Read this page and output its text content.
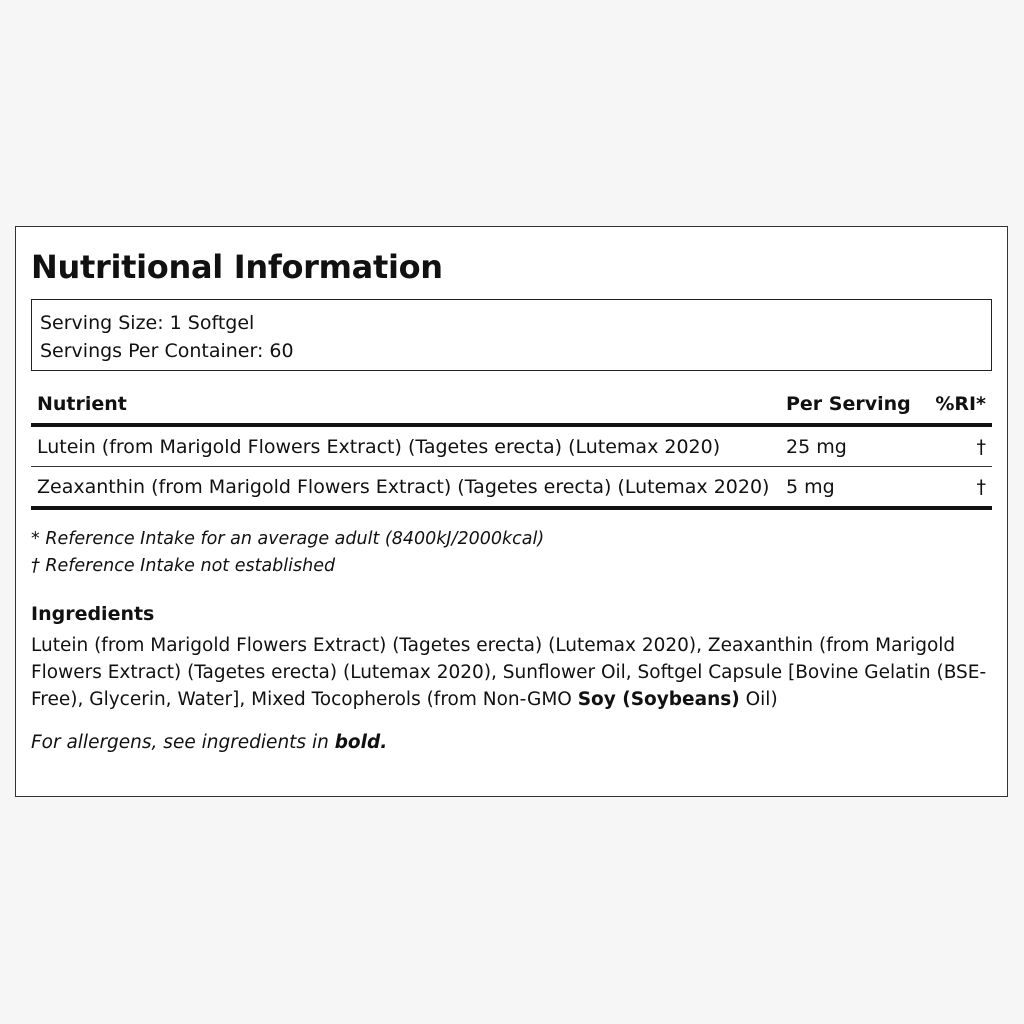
Nutritional Information
Serving Size: 1 Softgel
Servings Per Container: 60
Nutrient	Per Serving	%RI*
Lutein (from Marigold Flowers Extract) (Tagetes erecta) (Lutemax 2020)	25 mg	†
Zeaxanthin (from Marigold Flowers Extract) (Tagetes erecta) (Lutemax 2020)	5 mg	†
* Reference Intake for an average adult (8400kJ/2000kcal)
† Reference Intake not established
Ingredients
Lutein (from Marigold Flowers Extract) (Tagetes erecta) (Lutemax 2020), Zeaxanthin (from Marigold Flowers Extract) (Tagetes erecta) (Lutemax 2020), Sunflower Oil, Softgel Capsule [Bovine Gelatin (BSE-Free), Glycerin, Water], Mixed Tocopherols (from Non-GMO Soy (Soybeans) Oil)
For allergens, see ingredients in bold.
